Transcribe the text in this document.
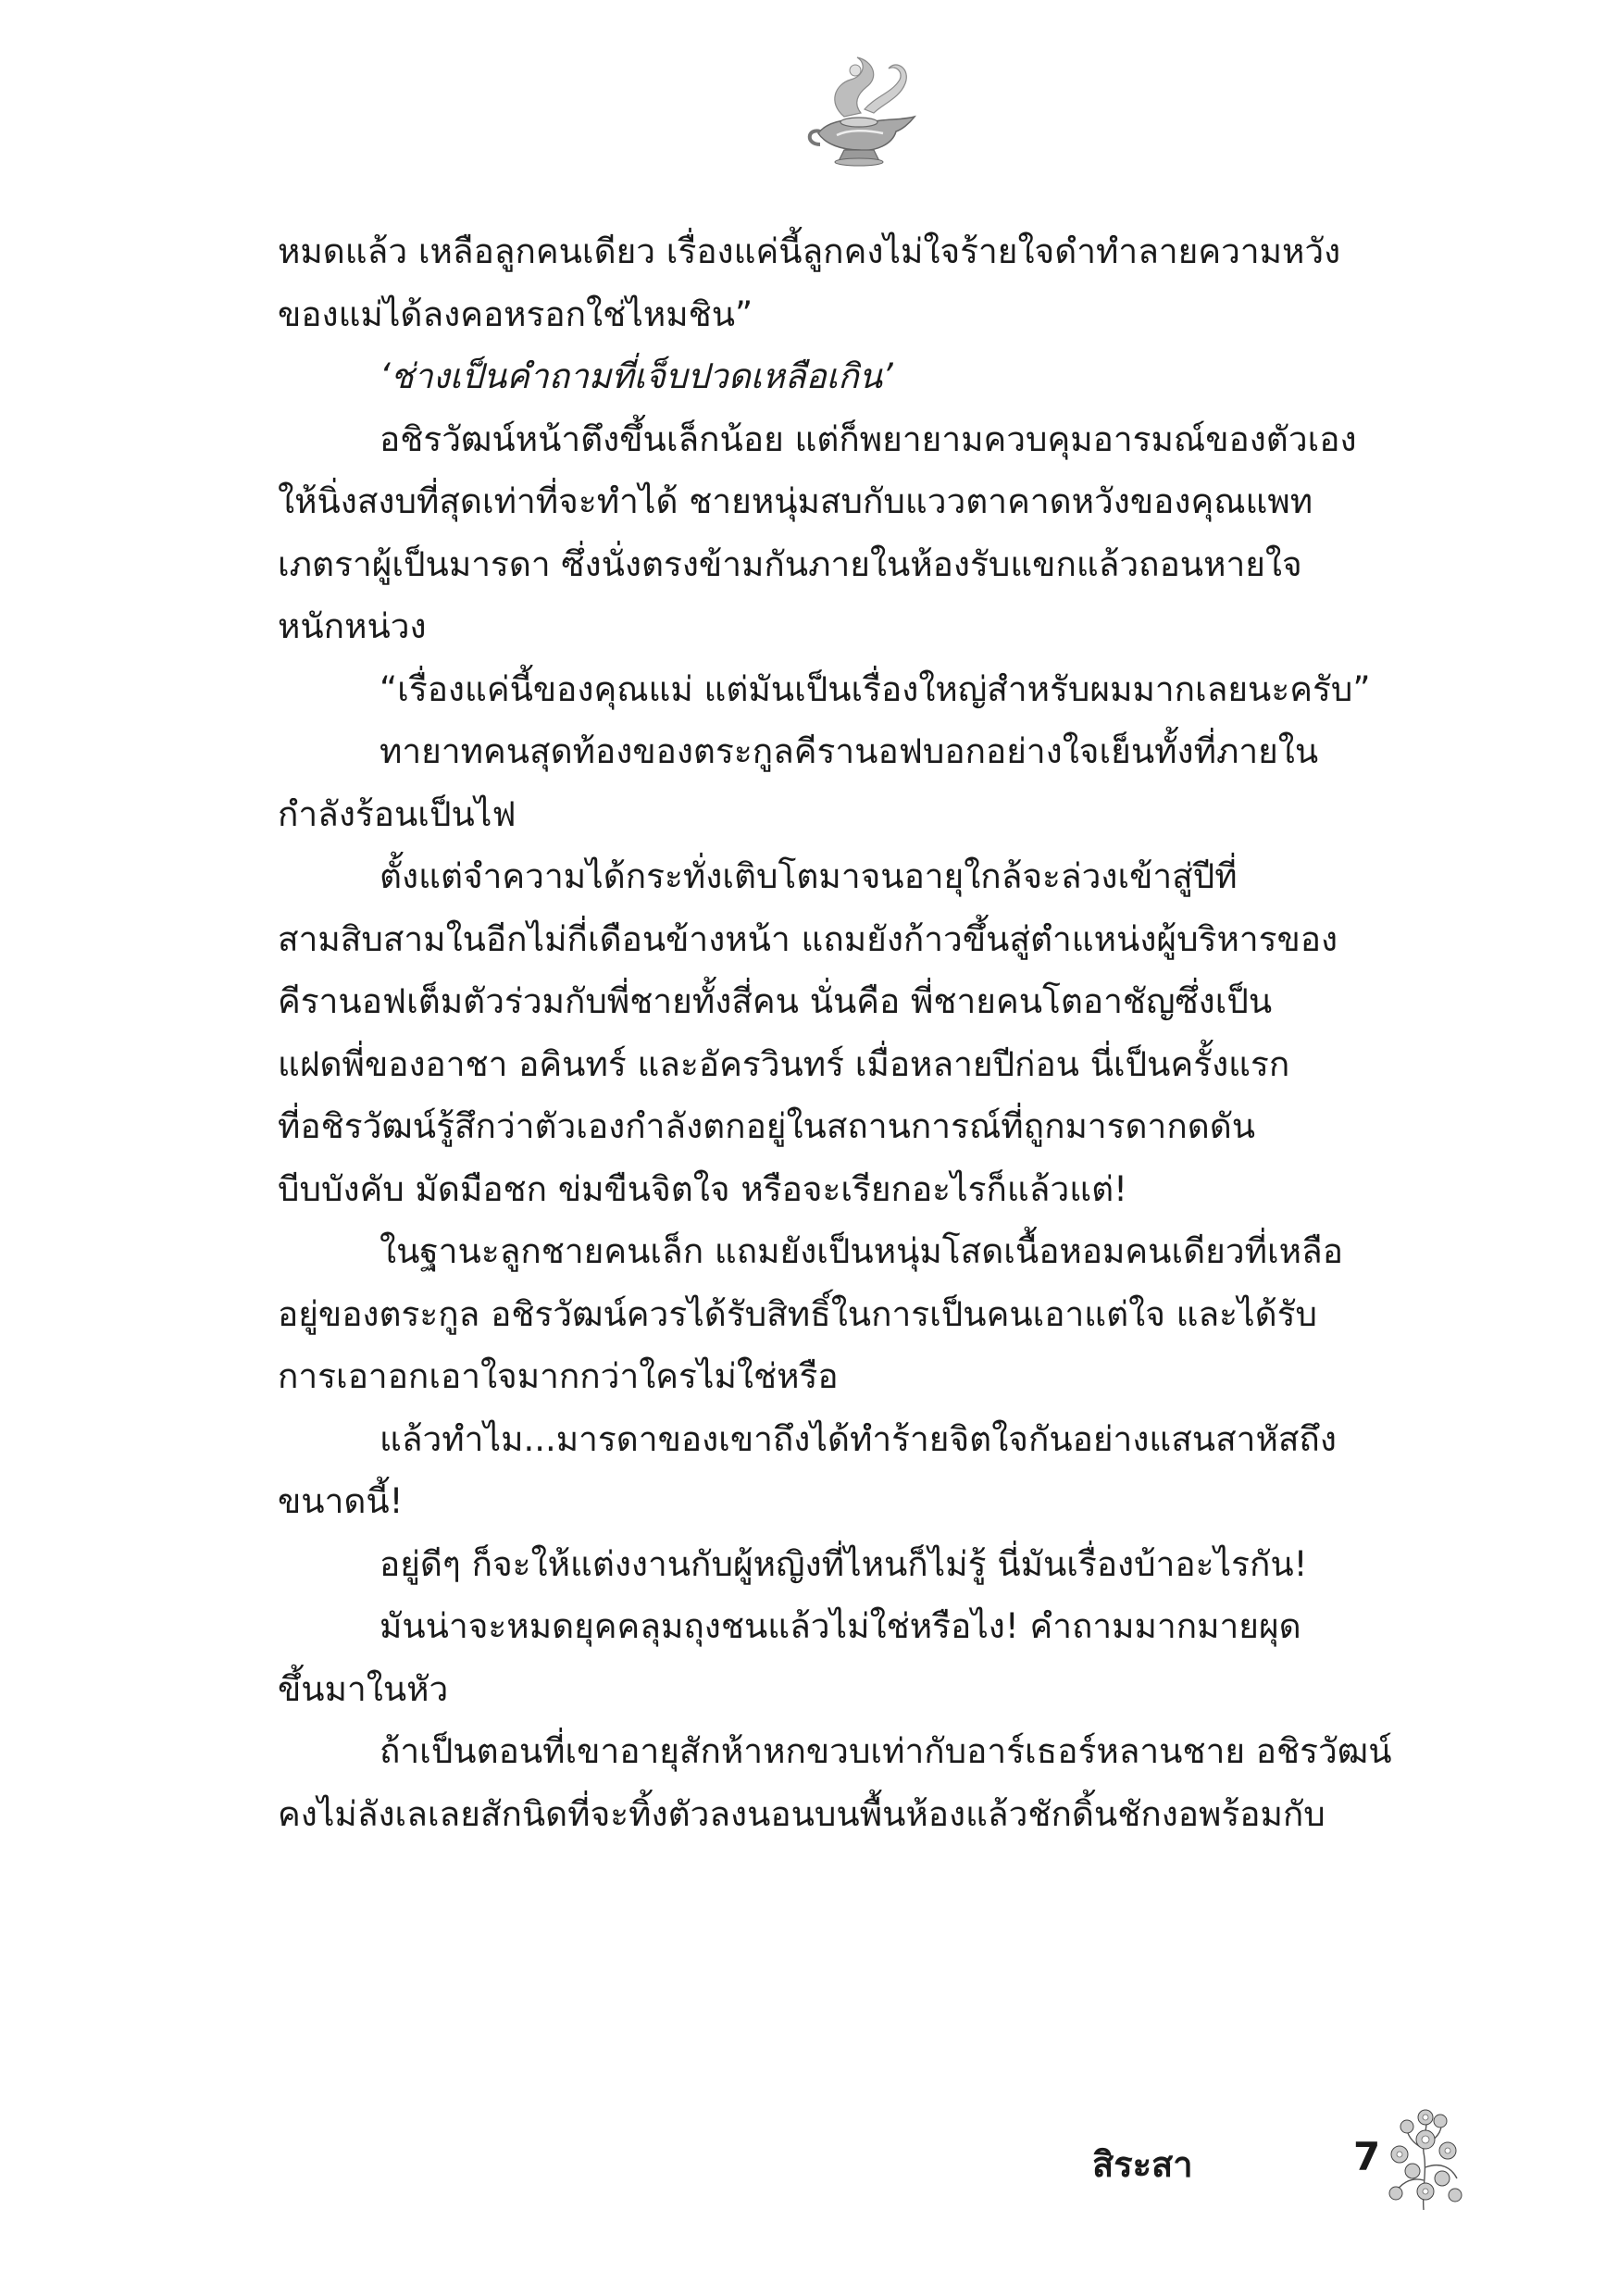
หมดแล้ว เหลือลูกคนเดียว เรื่องแค่นี้ลูกคงไม่ใจร้ายใจดำทำลายความหวัง

ของแม่ได้ลงคอหรอกใช่ไหมชิน”

‘ช่างเป็นคำถามที่เจ็บปวดเหลือเกิน’

อชิรวัฒน์หน้าตึงขึ้นเล็กน้อย แต่ก็พยายามควบคุมอารมณ์ของตัวเอง

ให้นิ่งสงบที่สุดเท่าที่จะทำได้ ชายหนุ่มสบกับแววตาคาดหวังของคุณแพท

เภตราผู้เป็นมารดา ซึ่งนั่งตรงข้ามกันภายในห้องรับแขกแล้วถอนหายใจ

หนักหน่วง

“เรื่องแค่นี้ของคุณแม่ แต่มันเป็นเรื่องใหญ่สำหรับผมมากเลยนะครับ”

ทายาทคนสุดท้องของตระกูลคีรานอฟบอกอย่างใจเย็นทั้งที่ภายใน

กำลังร้อนเป็นไฟ

ตั้งแต่จำความได้กระทั่งเติบโตมาจนอายุใกล้จะล่วงเข้าสู่ปีที่

สามสิบสามในอีกไม่กี่เดือนข้างหน้า แถมยังก้าวขึ้นสู่ตำแหน่งผู้บริหารของ

คีรานอฟเต็มตัวร่วมกับพี่ชายทั้งสี่คน นั่นคือ พี่ชายคนโตอาชัญซึ่งเป็น

แฝดพี่ของอาชา อคินทร์ และอัครวินทร์ เมื่อหลายปีก่อน นี่เป็นครั้งแรก

ที่อชิรวัฒน์รู้สึกว่าตัวเองกำลังตกอยู่ในสถานการณ์ที่ถูกมารดากดดัน

บีบบังคับ มัดมือชก ข่มขืนจิตใจ หรือจะเรียกอะไรก็แล้วแต่!

ในฐานะลูกชายคนเล็ก แถมยังเป็นหนุ่มโสดเนื้อหอมคนเดียวที่เหลือ

อยู่ของตระกูล อชิรวัฒน์ควรได้รับสิทธิ์ในการเป็นคนเอาแต่ใจ และได้รับ

การเอาอกเอาใจมากกว่าใครไม่ใช่หรือ

แล้วทำไม...มารดาของเขาถึงได้ทำร้ายจิตใจกันอย่างแสนสาหัสถึง

ขนาดนี้!

อยู่ดีๆ ก็จะให้แต่งงานกับผู้หญิงที่ไหนก็ไม่รู้ นี่มันเรื่องบ้าอะไรกัน!

มันน่าจะหมดยุคคลุมถุงชนแล้วไม่ใช่หรือไง! คำถามมากมายผุด

ขึ้นมาในหัว

ถ้าเป็นตอนที่เขาอายุสักห้าหกขวบเท่ากับอาร์เธอร์หลานชาย อชิรวัฒน์

คงไม่ลังเลเลยสักนิดที่จะทิ้งตัวลงนอนบนพื้นห้องแล้วชักดิ้นชักงอพร้อมกับ

สิระสา	7
